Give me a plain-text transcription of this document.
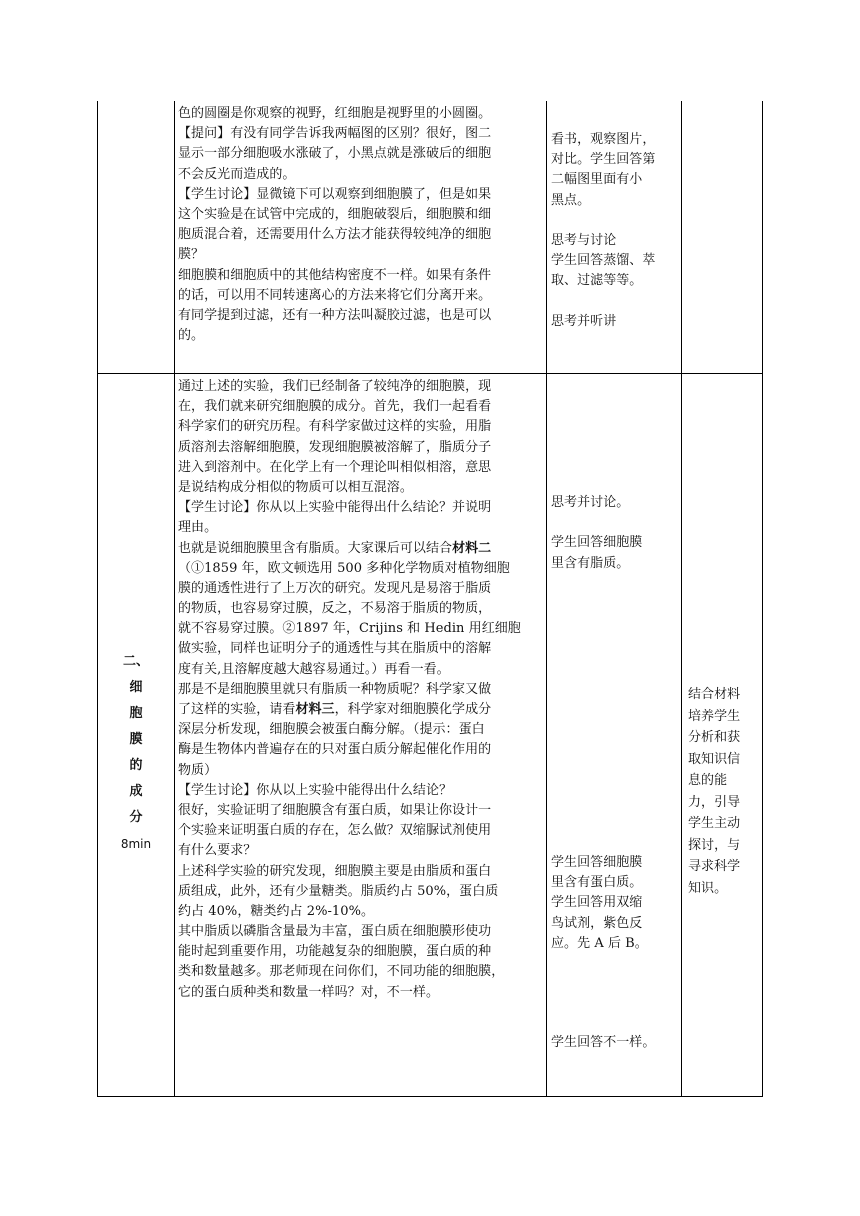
色的圆圈是你观察的视野，红细胞是视野里的小圆圈。
【提问】有没有同学告诉我两幅图的区别？很好，图二
显示一部分细胞吸水涨破了，小黑点就是涨破后的细胞
不会反光而造成的。
【学生讨论】显微镜下可以观察到细胞膜了，但是如果
这个实验是在试管中完成的，细胞破裂后，细胞膜和细
胞质混合着，还需要用什么方法才能获得较纯净的细胞
膜？
细胞膜和细胞质中的其他结构密度不一样。如果有条件
的话，可以用不同转速离心的方法来将它们分离开来。
有同学提到过滤，还有一种方法叫凝胶过滤，也是可以
的。
看书，观察图片，
对比。学生回答第
二幅图里面有小
黑点。
思考与讨论
学生回答蒸馏、萃
取、过滤等等。
思考并听讲
二、
细
胞
膜
的
成
分
8min
通过上述的实验，我们已经制备了较纯净的细胞膜，现
在，我们就来研究细胞膜的成分。首先，我们一起看看
科学家们的研究历程。有科学家做过这样的实验，用脂
质溶剂去溶解细胞膜，发现细胞膜被溶解了，脂质分子
进入到溶剂中。在化学上有一个理论叫相似相溶，意思
是说结构成分相似的物质可以相互混溶。
【学生讨论】你从以上实验中能得出什么结论？并说明
理由。
也就是说细胞膜里含有脂质。大家课后可以结合材料二
（①1859 年，欧文顿选用 500 多种化学物质对植物细胞
膜的通透性进行了上万次的研究。发现凡是易溶于脂质
的物质，也容易穿过膜，反之，不易溶于脂质的物质，
就不容易穿过膜。②1897 年，Crijins 和 Hedin 用红细胞
做实验，同样也证明分子的通透性与其在脂质中的溶解
度有关,且溶解度越大越容易通过。）再看一看。
那是不是细胞膜里就只有脂质一种物质呢？科学家又做
了这样的实验，请看材料三，科学家对细胞膜化学成分
深层分析发现，细胞膜会被蛋白酶分解。（提示：蛋白
酶是生物体内普遍存在的只对蛋白质分解起催化作用的
物质）
【学生讨论】你从以上实验中能得出什么结论？
很好，实验证明了细胞膜含有蛋白质，如果让你设计一
个实验来证明蛋白质的存在，怎么做？双缩脲试剂使用
有什么要求？
上述科学实验的研究发现，细胞膜主要是由脂质和蛋白
质组成，此外，还有少量糖类。脂质约占 50%，蛋白质
约占 40%，糖类约占 2%-10%。
其中脂质以磷脂含量最为丰富，蛋白质在细胞膜形使功
能时起到重要作用，功能越复杂的细胞膜，蛋白质的种
类和数量越多。那老师现在问你们，不同功能的细胞膜，
它的蛋白质种类和数量一样吗？对，不一样。
思考并讨论。
学生回答细胞膜
里含有脂质。
学生回答细胞膜
里含有蛋白质。
学生回答用双缩
鸟试剂，紫色反
应。先 A 后 B。
学生回答不一样。
结合材料
培养学生
分析和获
取知识信
息的能
力，引导
学生主动
探讨，与
寻求科学
知识。
